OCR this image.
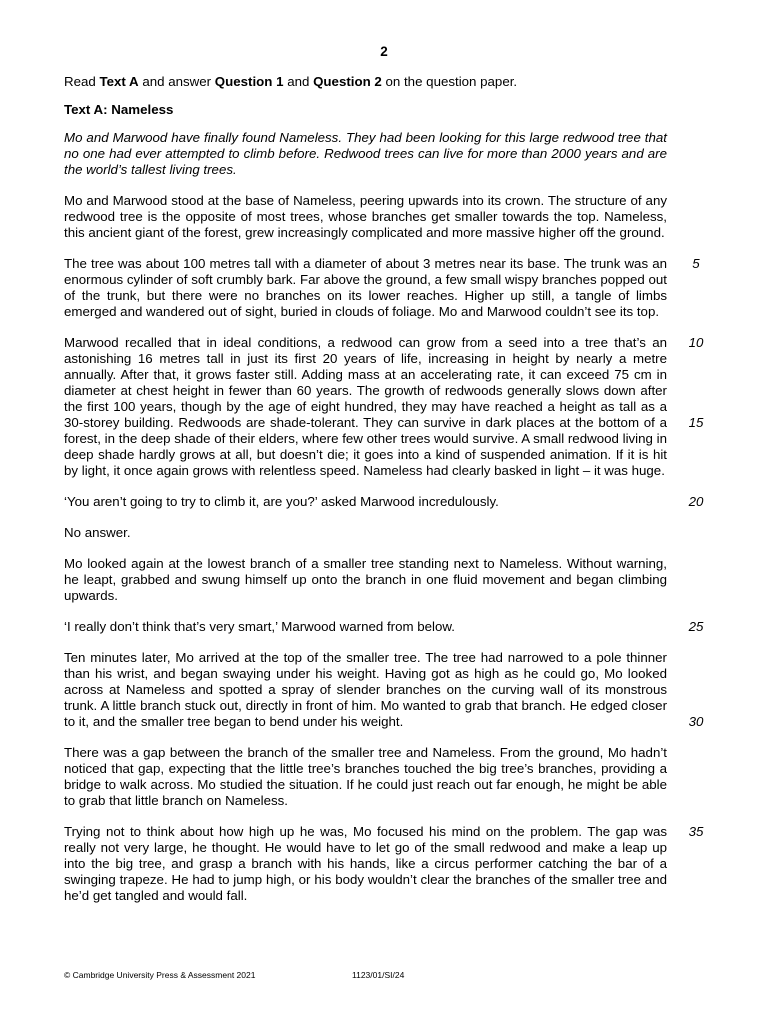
2

Read Text A and answer Question 1 and Question 2 on the question paper.

Text A: Nameless

Mo and Marwood have finally found Nameless. They had been looking for this large redwood tree that no one had ever attempted to climb before. Redwood trees can live for more than 2000 years and are the world’s tallest living trees.

Mo and Marwood stood at the base of Nameless, peering upwards into its crown. The structure of any redwood tree is the opposite of most trees, whose branches get smaller towards the top. Nameless, this ancient giant of the forest, grew increasingly complicated and more massive higher off the ground.

5
The tree was about 100 metres tall with a diameter of about 3 metres near its base. The trunk was an enormous cylinder of soft crumbly bark. Far above the ground, a few small wispy branches popped out of the trunk, but there were no branches on its lower reaches. Higher up still, a tangle of limbs emerged and wandered out of sight, buried in clouds of foliage. Mo and Marwood couldn’t see its top.
10
15
Marwood recalled that in ideal conditions, a redwood can grow from a seed into a tree that’s an astonishing 16 metres tall in just its first 20 years of life, increasing in height by nearly a metre annually. After that, it grows faster still. Adding mass at an accelerating rate, it can exceed 75 cm in diameter at chest height in fewer than 60 years. The growth of redwoods generally slows down after the first 100 years, though by the age of eight hundred, they may have reached a height as tall as a 30-storey building. Redwoods are shade-tolerant. They can survive in dark places at the bottom of a forest, in the deep shade of their elders, where few other trees would survive. A small redwood living in deep shade hardly grows at all, but doesn’t die; it goes into a kind of suspended animation. If it is hit by light, it once again grows with relentless speed. Nameless had clearly basked in light – it was huge.
20
‘You aren’t going to try to climb it, are you?’ asked Marwood incredulously.

No answer.

Mo looked again at the lowest branch of a smaller tree standing next to Nameless. Without warning, he leapt, grabbed and swung himself up onto the branch in one fluid movement and began climbing upwards.

25
‘I really don’t think that’s very smart,’ Marwood warned from below.
30
Ten minutes later, Mo arrived at the top of the smaller tree. The tree had narrowed to a pole thinner than his wrist, and began swaying under his weight. Having got as high as he could go, Mo looked across at Nameless and spotted a spray of slender branches on the curving wall of its monstrous trunk. A little branch stuck out, directly in front of him. Mo wanted to grab that branch. He edged closer to it, and the smaller tree began to bend under his weight.

There was a gap between the branch of the smaller tree and Nameless. From the ground, Mo hadn’t noticed that gap, expecting that the little tree’s branches touched the big tree’s branches, providing a bridge to walk across. Mo studied the situation. If he could just reach out far enough, he might be able to grab that little branch on Nameless.

35
Trying not to think about how high up he was, Mo focused his mind on the problem. The gap was really not very large, he thought. He would have to let go of the small redwood and make a leap up into the big tree, and grasp a branch with his hands, like a circus performer catching the bar of a swinging trapeze. He had to jump high, or his body wouldn’t clear the branches of the smaller tree and he’d get tangled and would fall.
© Cambridge University Press & Assessment 2021	1123/01/SI/24
